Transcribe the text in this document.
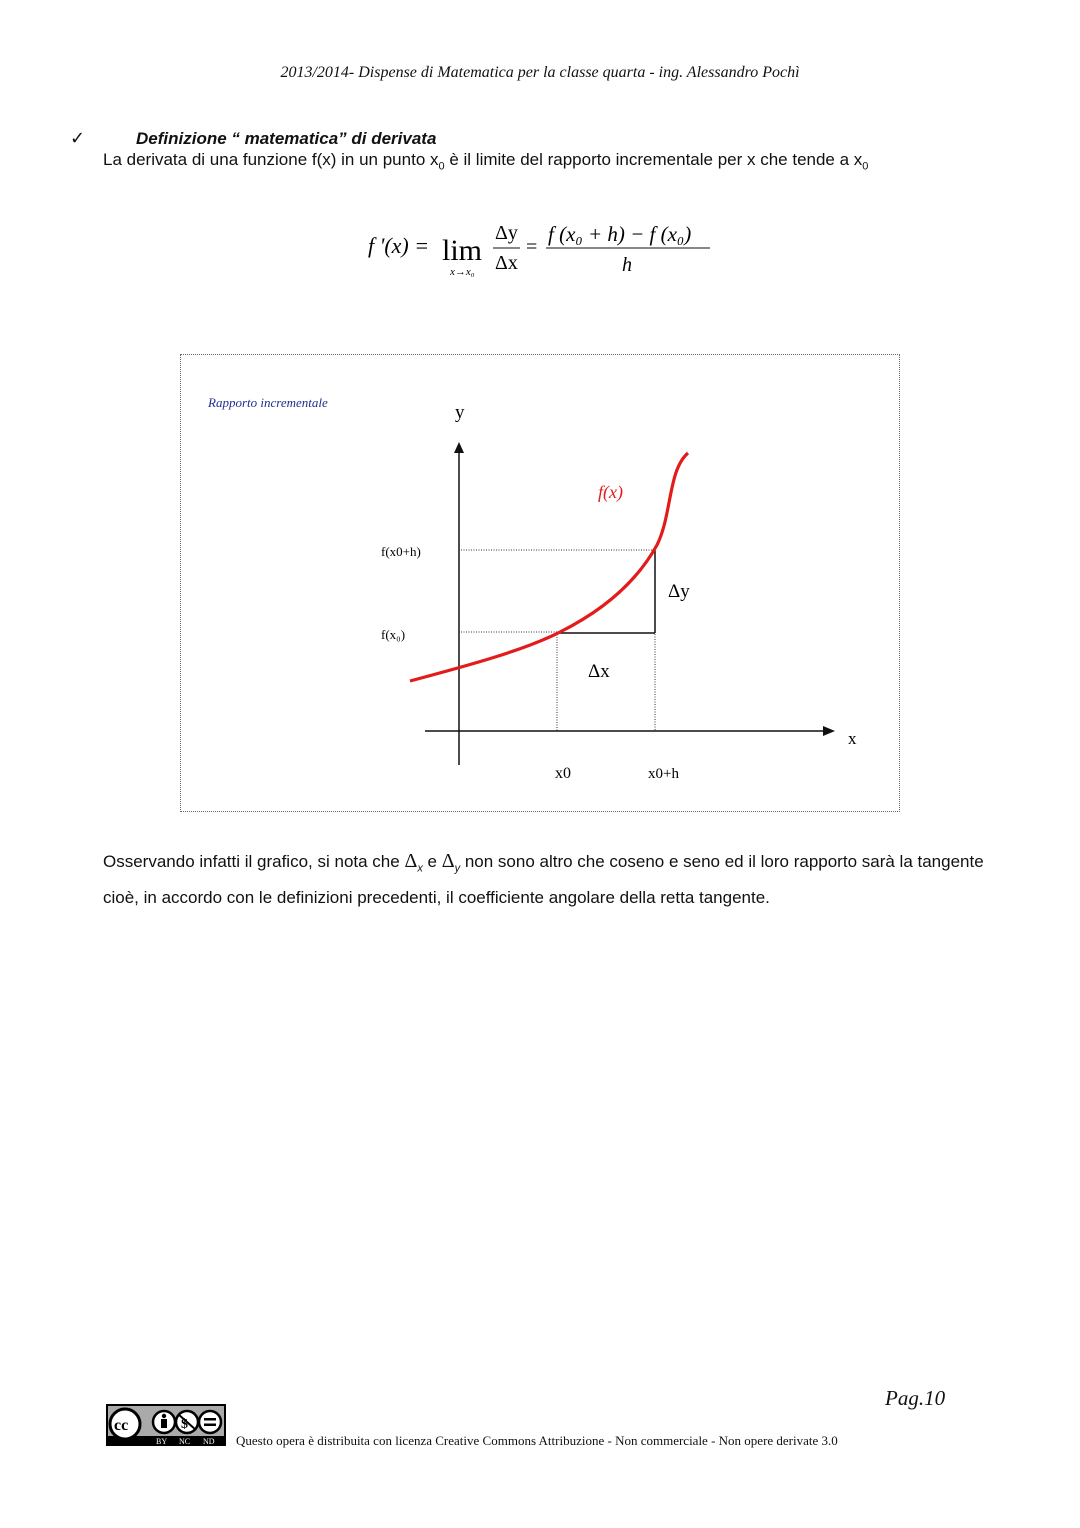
2013/2014- Dispense di Matematica per la classe quarta - ing. Alessandro Pochì
✓	Definizione “ matematica” di derivata
La derivata di una funzione f(x) in un punto $x_0$ è il limite del rapporto incrementale per x che tende a $x_0$
f '(x) = lim
x→x₀
Δy
Δx
=
f (x₀ + h) − f (x₀)
h
Rapporto incrementale	y
x
f(x)
f(x0+h)
f(x₀)
Δy
Δx
x0	x0+h
Osservando infatti il grafico, si nota che $\Delta_x$ e $\Delta_y$ non sono altro che coseno e seno ed il loro rapporto sarà la tangente cioè, in accordo con le definizioni precedenti, il coefficiente angolare della retta tangente.
Pag.10
cc	$
BY NC ND Questo opera è distribuita con licenza Creative Commons Attribuzione - Non commerciale - Non opere derivate 3.0
